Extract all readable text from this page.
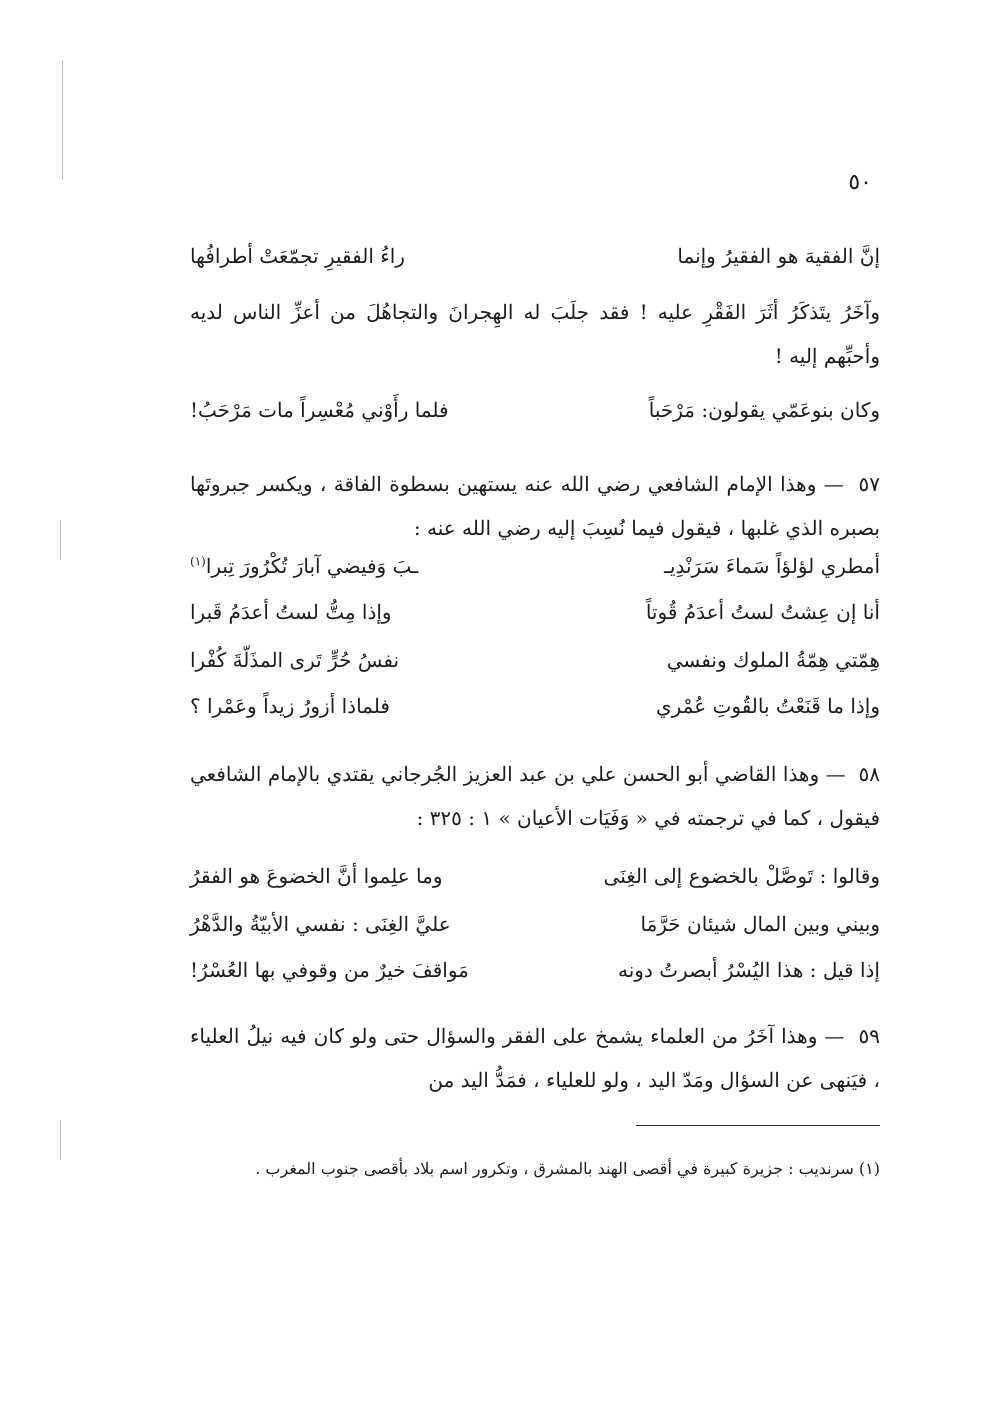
٥٠
إنَّ الفقيهَ هو الفقيرُ وإنما
راءُ الفقيرِ تجمّعَتْ أطرافُها

وآخَرُ يتَذكَرُ أثَرَ الفَقْرِ عليه ! فقد جلَبَ له الهِجرانَ والتجاهُلَ من أعزِّ الناس لديه وأحبِّهم إليه !

وكان بنوعَمّي يقولون: مَرْحَباً
فلما رأَوْني مُعْسِراً مات مَرْحَبُ!

٥٧  — وهذا الإمام الشافعي رضي الله عنه يستهين بسطوة الفاقة ، ويكسر جبروتَها بصبره الذي غلبها ، فيقول فيما نُسِبَ إليه رضي الله عنه :

أمطري لؤلؤاً سَماءَ سَرَنْدِيـ
ـبَ وَفيضي آبارَ تُكْرُورَ تِبرا$^{(١)}$
أنا إن عِشتُ لستُ أعدَمُ قُوتاً
وإذا مِتُّ لستُ أعدَمُ قَبرا
هِمّتي هِمّةُ الملوك ونفسي
نفسُ حُرٍّ تَرى المذَلّةَ كُفْرا
وإذا ما قَنَعْتُ بالقُوتِ عُمْري
فلماذا أزورُ زيداً وعَمْرا ؟

٥٨  — وهذا القاضي أبو الحسن علي بن عبد العزيز الجُرجاني يقتدي بالإمام الشافعي فيقول ، كما في ترجمته في « وَفَيَات الأعيان » ١ : ٣٢٥ :

وقالوا : تَوصَّلْ بالخضوع إلى الغِنَى
وما علِموا أنَّ الخضوعَ هو الفقرُ
وبيني وبين المال شيئان حَرَّمَا
عليَّ الغِنَى : نفسي الأبيّةُ والدَّهْرُ
إذا قيل : هذا اليُسْرُ أبصرتُ دونه
مَواقفَ خيرٌ من وقوفي بها العُسْرُ!

٥٩  — وهذا آخَرُ من العلماء يشمخ على الفقر والسؤال حتى ولو كان فيه نيلُ العلياء ، فيَنهى عن السؤال ومَدّ اليد ، ولو للعلياء ، فمَدُّ اليد من

(١) سرنديب : جزيرة كبيرة في أقصى الهند بالمشرق ، وتكرور اسم بلاد بأقصى جنوب المغرب .
